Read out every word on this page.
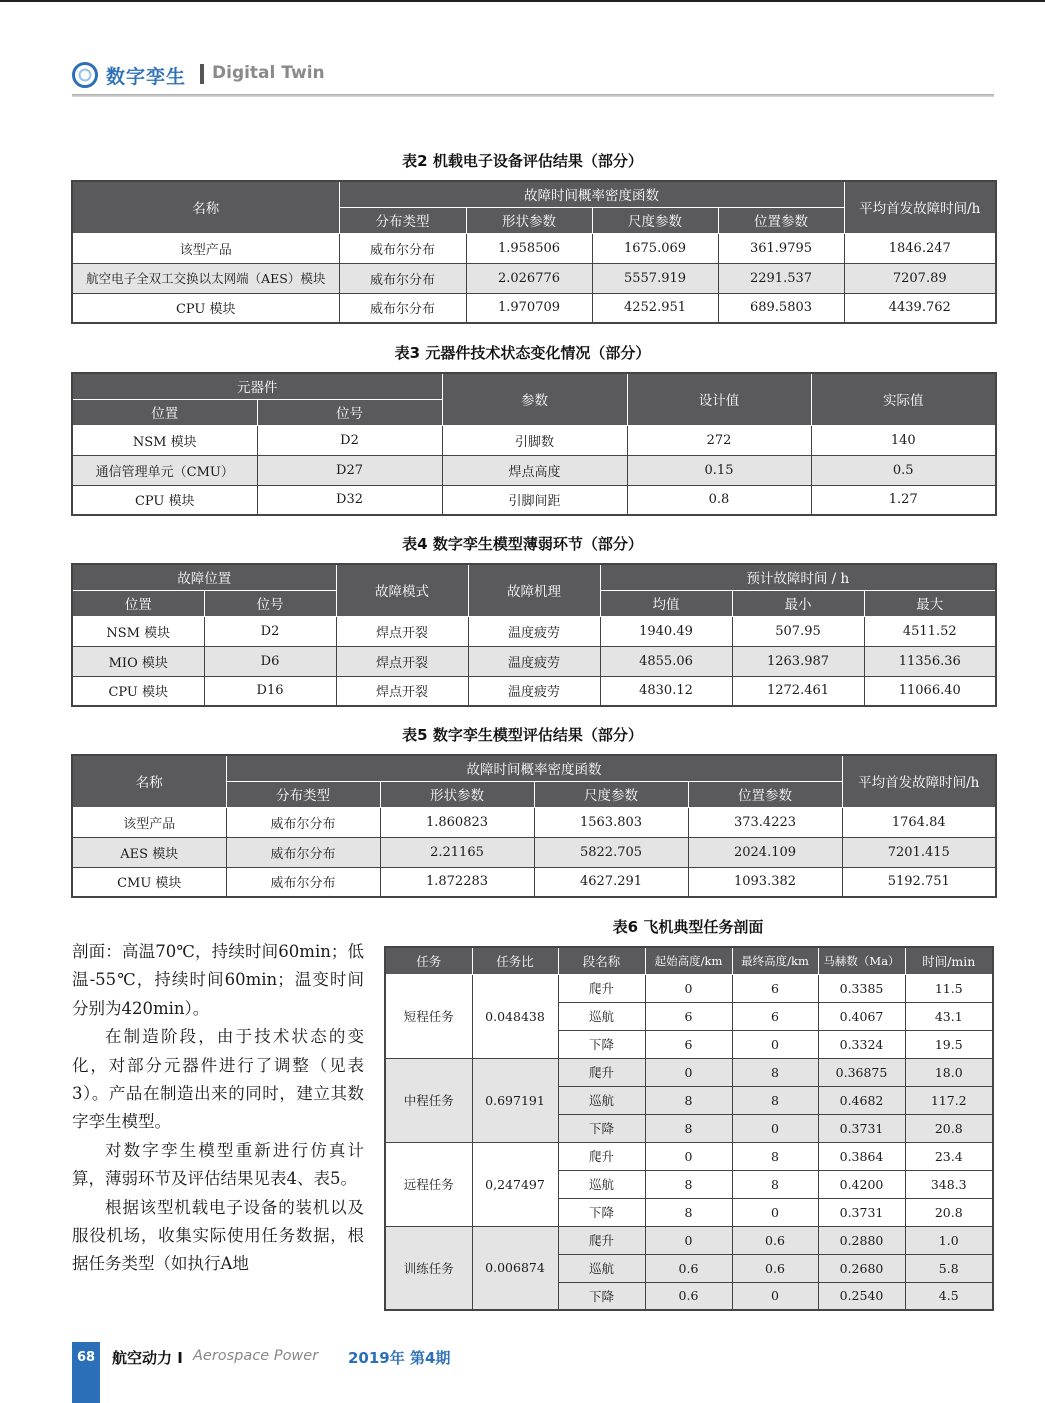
数字孪生 Digital Twin
表2 机载电子设备评估结果（部分）
名称	故障时间概率密度函数				平均首发故障时间/h
	分布类型	形状参数	尺度参数	位置参数	
该型产品	威布尔分布	1.958506	1675.069	361.9795	1846.247
航空电子全双工交换以太网端（AES）模块	威布尔分布	2.026776	5557.919	2291.537	7207.89
CPU 模块	威布尔分布	1.970709	4252.951	689.5803	4439.762
表3 元器件技术状态变化情况（部分）
元器件		参数	设计值	实际值
位置	位号			
NSM 模块	D2	引脚数	272	140
通信管理单元（CMU）	D27	焊点高度	0.15	0.5
CPU 模块	D32	引脚间距	0.8	1.27
表4 数字孪生模型薄弱环节（部分）
故障位置		故障模式	故障机理	预计故障时间 / h		
位置	位号			均值	最小	最大
NSM 模块	D2	焊点开裂	温度疲劳	1940.49	507.95	4511.52
MIO 模块	D6	焊点开裂	温度疲劳	4855.06	1263.987	11356.36
CPU 模块	D16	焊点开裂	温度疲劳	4830.12	1272.461	11066.40
表5 数字孪生模型评估结果（部分）
名称	故障时间概率密度函数				平均首发故障时间/h
	分布类型	形状参数	尺度参数	位置参数	
该型产品	威布尔分布	1.860823	1563.803	373.4223	1764.84
AES 模块	威布尔分布	2.21165	5822.705	2024.109	7201.415
CMU 模块	威布尔分布	1.872283	4627.291	1093.382	5192.751

剖面：高温70℃，持续时间60min；低温-55℃，持续时间60min；温变时间分别为420min）。

在制造阶段，由于技术状态的变化，对部分元器件进行了调整（见表3）。产品在制造出来的同时，建立其数字孪生模型。

对数字孪生模型重新进行仿真计算，薄弱环节及评估结果见表4、表5。

根据该型机载电子设备的装机以及服役机场，收集实际使用任务数据，根据任务类型（如执行A地

表6 飞机典型任务剖面
任务	任务比	段名称	起始高度/km	最终高度/km	马赫数（Ma）	时间/min
短程任务	0.048438	爬升	0	6	0.3385	11.5
		巡航	6	6	0.4067	43.1
		下降	6	0	0.3324	19.5
中程任务	0.697191	爬升	0	8	0.36875	18.0
		巡航	8	8	0.4682	117.2
		下降	8	0	0.3731	20.8
远程任务	0,247497	爬升	0	8	0.3864	23.4
		巡航	8	8	0.4200	348.3
		下降	8	0	0.3731	20.8
训练任务	0.006874	爬升	0	0.6	0.2880	1.0
		巡航	0.6	0.6	0.2680	5.8
		下降	0.6	0	0.2540	4.5
68	航空动力 I Aerospace Power 2019年 第4期
